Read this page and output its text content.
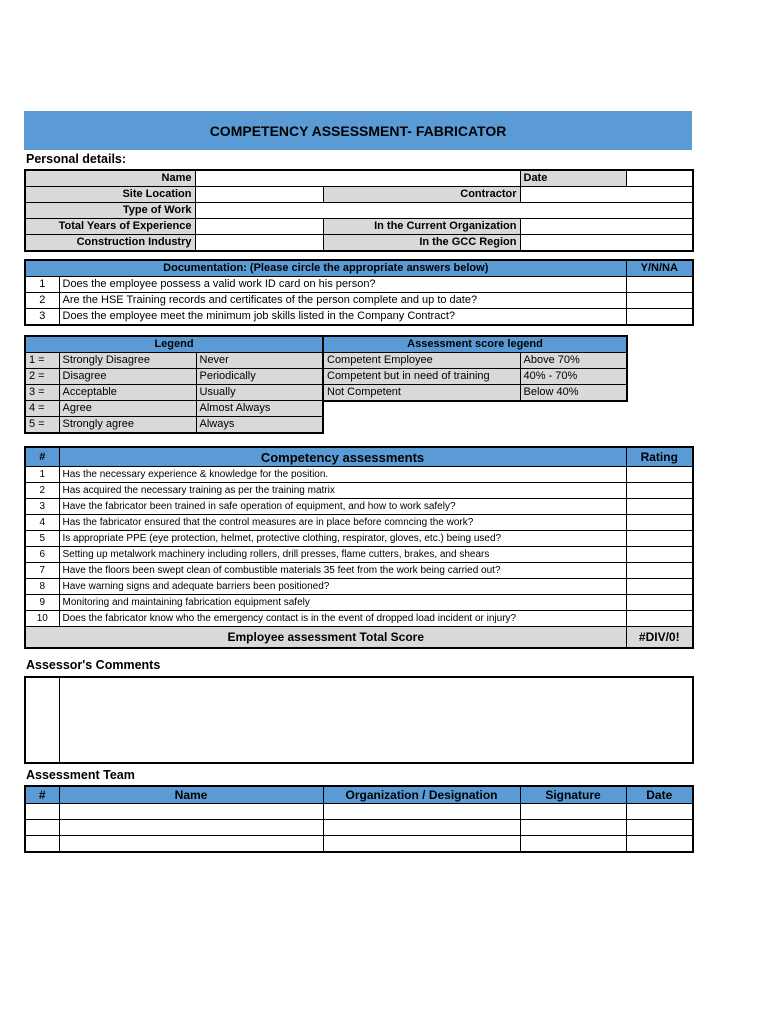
COMPETENCY ASSESSMENT- FABRICATOR
Personal details:
Name			Date	
Site Location		Contractor		
Type of Work				
Total Years of Experience		In the Current Organization		
Construction Industry		In the GCC Region		
Documentation: (Please circle the appropriate answers below)		Y/N/NA
1	Does the employee possess a valid work ID card on his person?	
2	Are the HSE Training records and certificates of the person complete and up to date?	
3	Does the employee meet the minimum job skills listed in the Company Contract?	
Legend		
1 =	Strongly Disagree	Never
2 =	Disagree	Periodically
3 =	Acceptable	Usually
4 =	Agree	Almost Always
5 =	Strongly agree	Always
Assessment score legend	
Competent Employee	Above 70%
Competent but in need of training	40% - 70%
Not Competent	Below 40%
#	Competency assessments	Rating
1	Has the necessary experience & knowledge for the position.	
2	Has acquired the necessary training as per the training matrix	
3	Have the fabricator been trained in safe operation of equipment, and how to work safely?	
4	Has the fabricator ensured that the control measures are in place before comncing the work?	
5	Is appropriate PPE (eye protection, helmet, protective clothing, respirator, gloves, etc.) being used?	
6	Setting up metalwork machinery including rollers, drill presses, flame cutters, brakes, and shears	
7	Have the floors been swept clean of combustible materials 35 feet from the work being carried out?	
8	Have warning signs and adequate barriers been positioned?	
9	Monitoring and maintaining fabrication equipment safely	
10	Does the fabricator know who the emergency contact is in the event of dropped load incident or injury?	
Employee assessment Total Score		#DIV/0!
Assessor's Comments

Assessment Team
#	Name	Organization / Designation	Signature	Date
